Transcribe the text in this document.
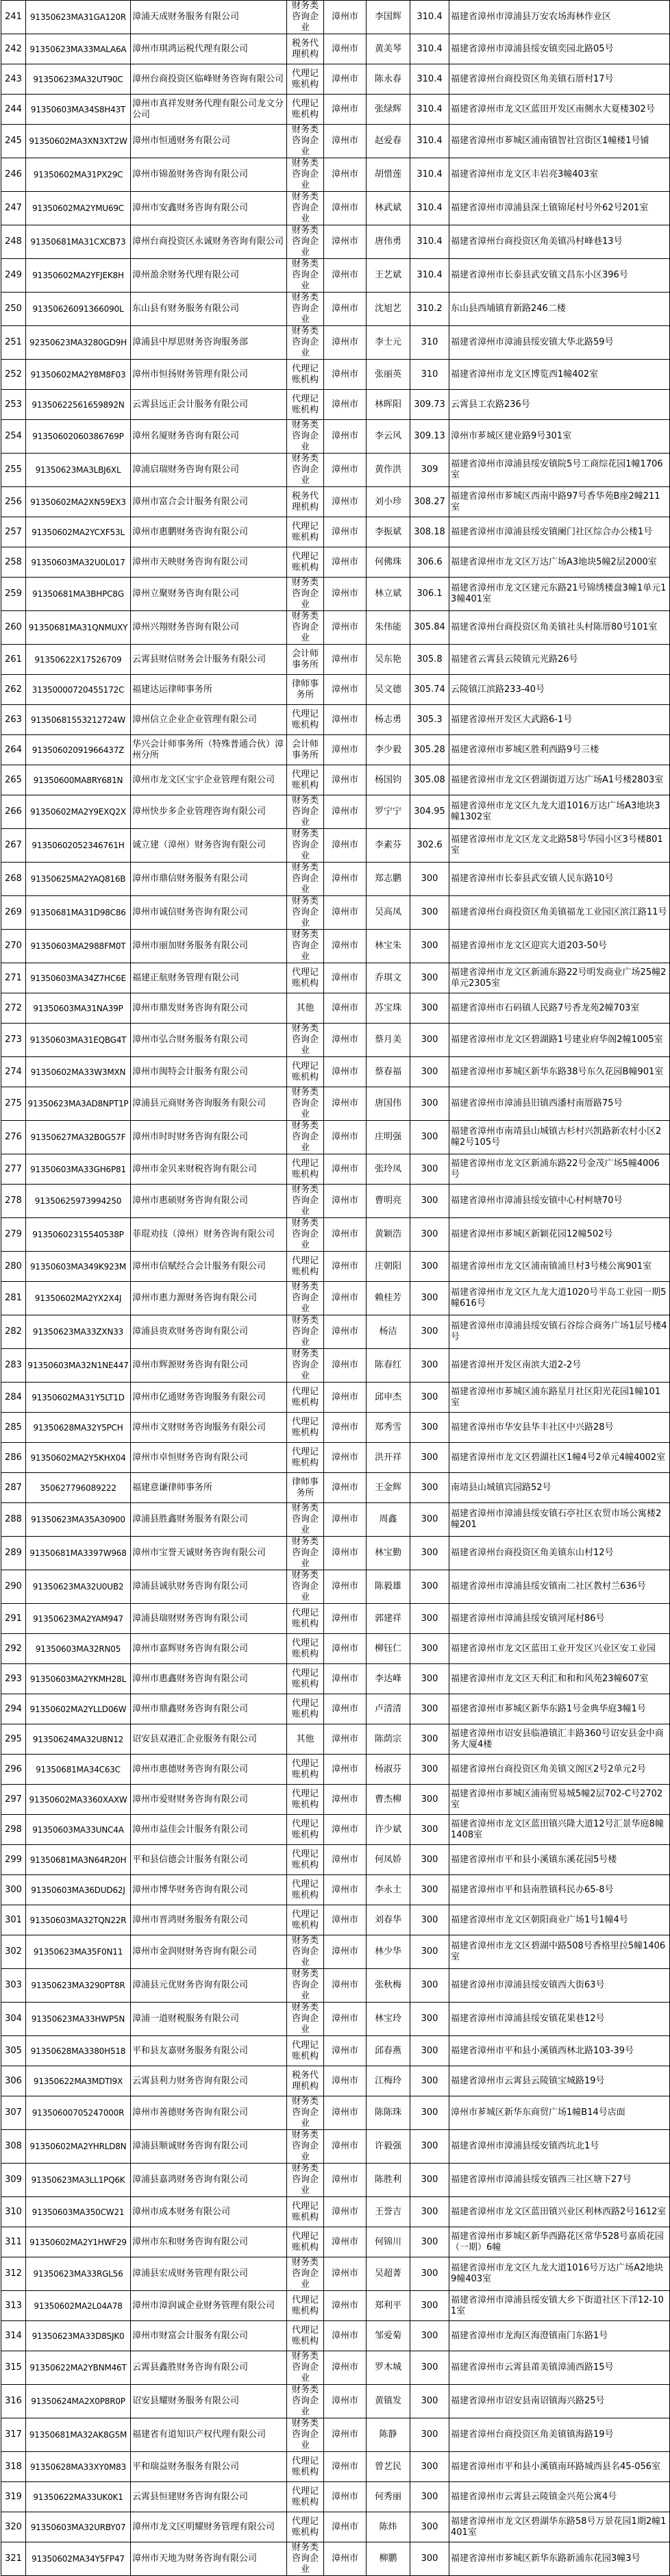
241	91350623MA31GA120R	漳浦天成财务服务有限公司	财务类咨询企业	漳州市	李国辉	310.4	福建省漳州市漳浦县万安农场海林作业区
242	91350623MA33MALA6A	漳州市琪鸿运税代理有限公司	税务代理机构	漳州市	黄美琴	310.4	福建省漳州市漳浦县绥安镇奕园北路05号
243	91350623MA32UT90C	漳州台商投资区临峰财务咨询有限公司	代理记账机构	漳州市	陈永春	310.4	福建省漳州台商投资区角美镇石厝村17号
244	91350603MA34S8H43T	漳州市真祥发财务代理有限公司龙文分公司	代理记账机构	漳州市	张绿辉	310.4	福建省漳州市龙文区蓝田开发区南侧水大夏楼302号
245	91350602MA3XN3XT2W	漳州市恒通财务有限公司	财务类咨询企业	漳州市	赵爱春	310.4	福建省漳州市芗城区浦南镇智社宫街区1幢楼1号铺
246	91350602MA31PX29C	漳州市锦盈财务咨询有限公司	财务类咨询企业	漳州市	胡惜莲	310.4	福建省漳州市龙文区丰岩亮3幢403室
247	91350602MA2YMU69C	漳州市安鑫财务咨询有限公司	财务类咨询企业	漳州市	林武斌	310.4	福建省漳州市漳浦县深土镇锦尾村号外62号201室
248	91350681MA31CXCB73	漳州台商投资区永诚财务咨询有限公司	财务类咨询企业	漳州市	唐伟勇	310.4	福建省漳州台商投资区角美镇冯村峰巷13号
249	91350602MA2YFJEK8H	漳州盈余财务代理有限公司	财务类咨询企业	漳州市	王艺斌	310.4	福建省漳州市长泰县武安镇文昌东小区396号
250	91350626091366090L	东山县有财务服务有限公司	财务类咨询企业	漳州市	沈旭艺	310.2	东山县西埔镇育新路246二楼
251	92350623MA3280GD9H	漳浦县中厚思财务咨询服务部	财务类咨询企业	漳州市	李士元	310	福建省漳州市漳浦县绥安镇大华北路59号
252	91350602MA2Y8M8F03	漳州市恒扬财务管理有限公司	代理记账机构	漳州市	张丽英	310	福建省漳州市龙文区博览西1幢402室
253	91350622561659892N	云霄县远正会计服务有限公司	代理记账机构	漳州市	林晖阳	309.73	云霄县工农路236号
254	91350602060386769P	漳州名厦财务咨询有限公司	财务类咨询企业	漳州市	李云风	309.13	漳州市芗城区建业路9号301室
255	91350623MA3LBJ6XL	漳浦启瑞财务咨询有限公司	财务类咨询企业	漳州市	黄作洪	309	福建省漳州市漳浦县绥安镇院5号工商综花园1幢1706室
256	91350602MA2XN59EX3	漳州市富合会计服务有限公司	税务代理机构	漳州市	刘小珍	308.27	福建省漳州市芗城区西南中路97号香华苑B座2幢211室
257	91350602MA2YCXF53L	漳州市惠鹏财务咨询有限公司	代理记账机构	漳州市	李振斌	308.18	福建省漳州市漳浦县绥安镇阑门社区综合办公楼1号
258	91350603MA32U0L017	漳州市天映财务咨询有限公司	代理记账机构	漳州市	何佛珠	306.6	福建省漳州市龙文区万达广场A3地块5幢2层2000室
259	91350681MA3BHPC8G	漳州立聚财务咨询有限公司	财务类咨询企业	漳州市	林立斌	306.1	福建省漳州市龙文区建元东路21号锦绣楼盘3幢1单元13幢401室
260	91350681MA31QNMUXY	漳州兴翔财务咨询有限公司	财务类咨询企业	漳州市	朱伟能	305.84	福建省漳州台商投资区角美镇社头村陈厝80号101室
261	91350622X17526709	云霄县财信财务会计服务有限公司	会计师事务所	漳州市	吴东艳	305.8	福建省云霄县云陵镇元光路26号
262	31350000720455172C	福建达运律师事务所	律师事务所	漳州市	吴文德	305.74	云陵镇江滨路233-40号
263	91350681553212724W	漳州信立企业企业管理有限公司	代理记账机构	漳州市	杨志勇	305.3	福建省漳州开发区大武路6-1号
264	91350602091966437Z	华兴会计师事务所（特殊普通合伙）漳州分所	会计师事务所	漳州市	李少毅	305.28	福建省漳州市芗城区胜利西路9号三楼
265	91350600MA8RY681N	漳州市龙文区宝宇企业管理有限公司	代理记账机构	漳州市	杨国钧	305.08	福建省漳州市龙文区碧湖街道万达广场A1号楼2803室
266	91350602MA2Y9EXQ2X	漳州快步多企业管理咨询有限公司	财务类咨询企业	漳州市	罗宁宁	304.95	福建省漳州市龙文区九龙大道1016万达广场A3地块3幢1302室
267	91350602052346761H	诚立建（漳州）财务咨询有限公司	财务类咨询企业	漳州市	李素芬	302.6	福建省漳州市龙文区龙文北路58号华园小区3号楼801室
268	91350625MA2YAQ816B	漳州市鼎信财务服务有限公司	财务类咨询企业	漳州市	郑志鹏	300	福建省漳州市长泰县武安镇人民东路10号
269	91350681MA31D98C86	漳州市诚信财务咨询有限公司	财务类咨询企业	漳州市	吴高凤	300	福建省漳州台商投资区角美镇福龙工业园区滨江路11号
270	91350603MA2988FM0T	漳州市丽加财务服务有限公司	财务类咨询企业	漳州市	林宝朱	300	福建省漳州市龙文区迎宾大道203-50号
271	91350603MA34Z7HC6E	福建正航财务管理有限公司	代理记账机构	漳州市	乔琪文	300	福建省漳州市龙文区新浦东路22号明发商业广场25幢2单元2305室
272	91350603MA31NA39P	漳州市鼎发财务咨询有限公司	其他	漳州市	苏宝珠	300	福建省漳州市石码镇人民路7号香龙苑2幢703室
273	91350603MA31EQBG4T	漳州市弘合财务服务有限公司	财务类咨询企业	漳州市	蔡月美	300	福建省漳州市龙文区碧湖路1号建业府华阁2幢1005室
274	91350602MA33W3MXN	漳州市闽特会计服务有限公司	代理记账机构	漳州市	蔡春福	300	福建省漳州市芗城区新华东路38号东久花园B幢901室
275	91350623MA3AD8NPT1P	漳浦县元商财务咨询服务有限公司	财务类咨询企业	漳州市	唐国伟	300	福建省漳州市漳浦县旧镇西潘村南厝路75号
276	91350627MA32B0G57F	漳州市时时财务咨询有限公司	财务类咨询企业	漳州市	庄明强	300	福建省漳州市南靖县山城镇古杉村兴凯路新农村小区2幢2号105号
277	91350603MA33GH6P81	漳州市金贝来财税咨询有限公司	代理记账机构	漳州市	张玲凤	300	福建省漳州市龙文区新浦东路22号金茂广场5幢4006号
278	91350625973994250	漳州市惠硕财务咨询有限公司	财务类咨询企业	漳州市	曹明亮	300	福建省漳州市漳浦县绥安镇中心村柯塘70号
279	91350602315540538P	菲琨劝技（漳州）财务咨询有限公司	财务类咨询企业	漳州市	黄颖浩	300	福建省漳州市芗城区新颖花园12幢502号
280	91350603MA349K923M	漳州市信赋经合会计服务有限公司	代理记账机构	漳州市	庄朝阳	300	福建省漳州市龙文区浦南镇浦旦村3号楼公寓901室
281	91350602MA2YX2X4J	漳州市惠力源财务咨询有限公司	财务类咨询企业	漳州市	赖桂芳	300	福建省漳州市龙文区九龙大道1020号半岛工业园一期5幢616号
282	91350623MA33ZXN33	漳浦县贵欢财务咨询有限公司	财务类咨询企业	漳州市	杨洁	300	福建省漳州市漳浦县绥安镇石谷综合商务广场1层号楼4号
283	91350603MA32N1NE447	漳州市辉源财务咨询有限公司	财务类咨询企业	漳州市	陈春红	300	福建省漳州开发区南滨大道2-2号
284	91350602MA31Y5LT1D	漳州市亿通财务咨询服务有限公司	代理记账机构	漳州市	邱申杰	300	福建省漳州市芗城区浦东路星月社区阳光花园1幢101室
285	91350628MA32Y5PCH	漳州市文财财务咨询服务有限公司	代理记账机构	漳州市	郑秀雪	300	福建省漳州市华安县华丰社区中兴路28号
286	91350602MA2Y5KHX04	漳州市卓恒财务咨询有限公司	代理记账机构	漳州市	洪开祥	300	福建省漳州市龙文区碧湖社区1幢4号2单元4幢4002室
287	350627796089222	福建意谦律师事务所	律师事务所	漳州市	王金辉	300	南靖县山城镇宾园路52号
288	91350623MA35A30900	漳浦县胜鑫财务服务有限公司	财务类咨询企业	漳州市	周鑫	300	福建省漳州市漳浦县绥安镇石亭社区农贸市场公寓楼2幢201
289	91350681MA3397W968	漳州市宝誉天诚财务咨询有限公司	财务类咨询企业	漳州市	林宝勤	300	福建省漳州台商投资区角美镇东山村12号
290	91350623MA32U0UB2	漳浦县诚驮财务咨询有限公司	财务类咨询企业	漳州市	陈毅雄	300	福建省漳州市漳浦县绥安镇南二社区教村兰636号
291	91350623MA2YAM947	漳浦县瑞财财务咨询有限公司	代理记账机构	漳州市	郭建祥	300	福建省漳州市漳浦县绥安镇河尾村86号
292	91350603MA32RN05	漳州市嘉辉财务咨询有限公司	代理记账机构	漳州市	柳钰仁	300	福建省漳州市龙文区蓝田工业开发区兴业区安工业园
293	91350603MA2YKMH28L	漳州市惠鑫财务咨询有限公司	代理记账机构	漳州市	李达峰	300	福建省漳州市龙文区天利汇和和和风苑23幢607室
294	91350602MA2YLLD06W	漳州市鼎鑫财务咨询有限公司	代理记账机构	漳州市	卢清清	300	福建省漳州市芗城区新华东路1号金典华庭3幢1号
295	91350624MA32U8N12	诏安县双港汇企业服务有限公司	其他	漳州市	陈荫宗	300	福建省漳州市诏安县临港镇汇丰路360号诏安县金中商务大厦4楼
296	91350681MA34C63C	漳州市惠德财务咨询有限公司	代理记账机构	漳州市	杨淑芬	300	福建省漳州台商投资区角美镇文阁区2号2单元2号
297	91350602MA3360XAXW	漳州市爱财财务咨询有限公司	代理记账机构	漳州市	曹杰柳	300	福建省漳州市芗城区浦南贸易城5幢2层702-C号2702室
298	91350603MA33UNC4A	漳州市益佳会计服务有限公司	代理记账机构	漳州市	许少斌	300	福建省漳州市龙文区蓝田镇兴隆大道12号汇景华庭8幢1408室
299	91350681MA3N64R20H	平和县信德会计服务有限公司	代理记账机构	漳州市	何凤娇	300	福建省漳州市平和县小溪镇东溪花园5号楼
300	91350603MA36DUD62J	漳州市博华财务咨询有限公司	代理记账机构	漳州市	李永土	300	福建省漳州市平和县南胜镇科民办65-8号
301	91350603MA32TQN22R	漳州市晋鸿财务服务有限公司	代理记账机构	漳州市	刘春华	300	福建省漳州市龙文区朝阳商业广场1号1幢4号
302	91350623MA35F0N11	漳州市金润财财务咨询有限公司	财务类咨询企业	漳州市	林少华	300	福建省漳州市龙文区碧湖中路508号香格里拉5幢1406室
303	91350623MA3290PT8R	漳浦县元优财务咨询有限公司	财务类咨询企业	漳州市	张秋梅	300	福建省漳州市漳浦县绥安镇西大街63号
304	91350623MA33HWP5N	漳浦一道财税服务有限公司	财务类咨询企业	漳州市	林宝玲	300	福建省漳州市漳浦县绥安镇花果巷12号
305	91350628MA3380H518	平和县友嘉财务服务有限公司	代理记账机构	漳州市	邱春燕	300	福建省漳州市平和县小溪镇西林北路103-39号
306	91350622MA3MDTI9X	云霄县利力财务咨询有限公司	税务代理机构	漳州市	江梅玲	300	福建省漳州市云霄县云陵镇宝城路19号
307	91350600705247000R	漳州市善德财务咨询有限公司	财务类咨询企业	漳州市	陈陈珠	300	漳州市芗城区新华东商贸广场1幢B14号店面
308	91350602MA2YHRLD8N	漳浦县顺诚财务咨询有限公司	财务类咨询企业	漳州市	许毅强	300	福建省漳州市漳浦县绥安镇西坑北1号
309	91350623MA3LL1PQ6K	漳浦县嘉鸿财务咨询有限公司	财务类咨询企业	漳州市	陈胜利	300	福建省漳州市漳浦县绥安镇西三社区塘下27号
310	91350603MA350CW21	漳州市成本财务有限公司	代理记账机构	漳州市	王誉吉	300	福建省漳州市龙文区蓝田镇兴业区利林西路2号1612室
311	91350602MA2Y1HWF29	漳州市东和财务咨询有限公司	代理记账机构	漳州市	何锦川	300	福建省漳州市芗城区新华西路花区常华528号嘉质花园（一期）6幢
312	91350623MA33RGL56	漳浦县宏成财务管理有限公司	财务类咨询企业	漳州市	吴超菁	300	福建省漳州市龙文区九龙大道1016号万达广场A2地块9幢403室
313	91350602MA2L04A78	漳州市漳润诚企业财务管理有限公司	代理记账机构	漳州市	郑利平	300	福建省漳州市漳浦县绥安镇大乡下街道社区下洋12-101室
314	91350623MA33D8SJK0	漳州市财富会计服务有限公司	代理记账机构	漳州市	邹爱菊	300	福建省漳州市龙海区海澄镇南门东路1号
315	91350622MA2YBNM46T	云霄县鑫胜财务咨询有限公司	财务类咨询企业	漳州市	罗木城	300	福建省漳州市云霄县莆美镇漳浦西路15号
316	91350624MA2X0P8R0P	诏安县耀财务服务有限公司	财务类咨询企业	漳州市	黄镇发	300	福建省漳州市诏安县南诏镇海兴路25号
317	91350681MA32AK8G5M	福建省有道知识产权代理有限公司	财务类咨询企业	漳州市	陈静	300	福建省漳州台商投资区角美镇镇海路19号
318	91350628MA33XY0M83	平和瑞益财务服务有限公司	代理记账机构	漳州市	曾艺民	300	福建省漳州市平和县小溪镇南环路城西县名45-056室
319	91350622MA33UK0K1	云霄县恒建财务咨询有限公司	代理记账机构	漳州市	何秀丽	300	福建省漳州市云霄县云陵镇金兴苑公寓4号
320	91350603MA32URBY07	漳州市龙文区明耀财务管理有限公司	代理记账机构	漳州市	陈炜	300	福建省漳州市龙文区碧湖华东路58号万景花园1期2幢1401室
321	91350602MA34Y5FP47	漳州市天地为财务咨询有限公司	财务类咨询企业	漳州市	柳鹏	300	福建省漳州市芗城区新华东路新浦东花园3幢3号
